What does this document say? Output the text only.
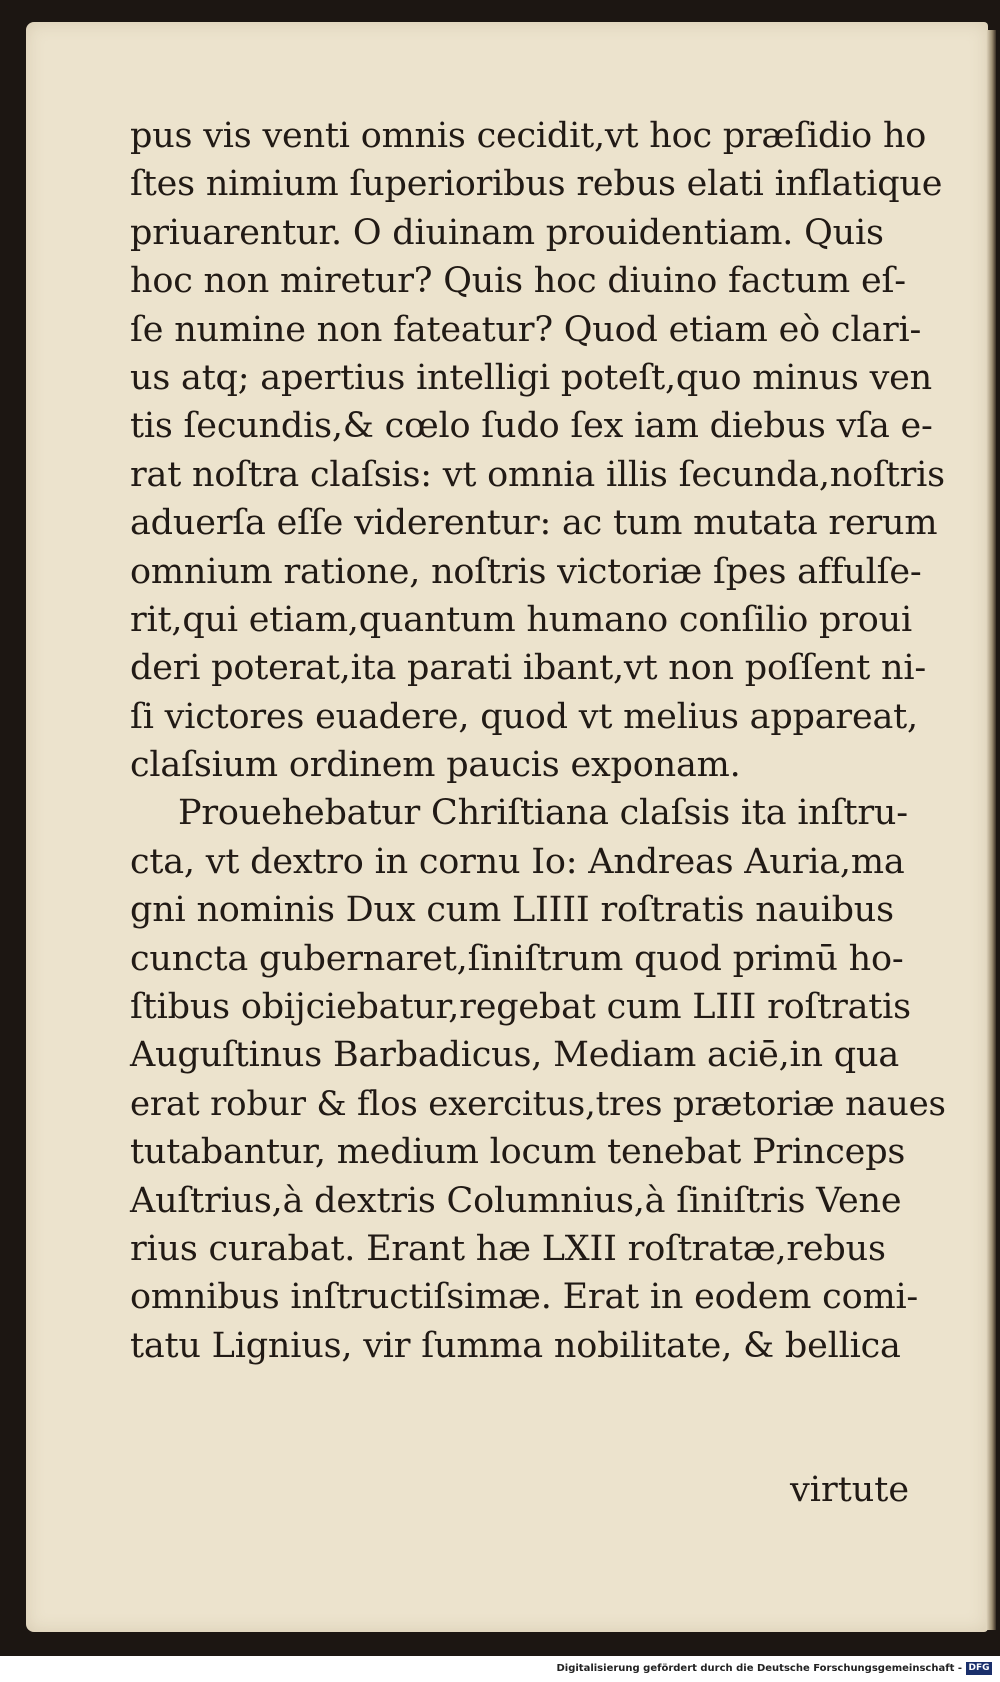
pus vis venti omnis cecidit,vt hoc præſidio ho
ſtes nimium ſuperioribus rebus elati inflatique
priuarentur. O diuinam prouidentiam. Quis
hoc non miretur? Quis hoc diuino factum eſ-
ſe numine non fateatur? Quod etiam eò clari-
us atq; apertius intelligi poteſt,quo minus ven
tis ſecundis,& cœlo ſudo ſex iam diebus vſa e-
rat noſtra claſsis: vt omnia illis ſecunda,noſtris
aduerſa eſſe viderentur: ac tum mutata rerum
omnium ratione, noſtris victoriæ ſpes affulſe-
rit,qui etiam,quantum humano conſilio proui
deri poterat,ita parati ibant,vt non poſſent ni-
ſi victores euadere, quod vt melius appareat,
claſsium ordinem paucis exponam.
Prouehebatur Chriſtiana claſsis ita inſtru-
cta, vt dextro in cornu Io: Andreas Auria,ma
gni nominis Dux cum LIIII roſtratis nauibus
cuncta gubernaret,ſiniſtrum quod primū ho-
ſtibus obijciebatur,regebat cum LIII roſtratis
Auguſtinus Barbadicus, Mediam aciē,in qua
erat robur & flos exercitus,tres prætoriæ naues
tutabantur, medium locum tenebat Princeps
Auſtrius,à dextris Columnius,à ſiniſtris Vene
rius curabat. Erant hæ LXII roſtratæ,rebus
omnibus inſtructiſsimæ. Erat in eodem comi-
tatu Lignius, vir ſumma nobilitate, & bellica
virtute
Digitalisierung gefördert durch die Deutsche Forschungsgemeinschaft - DFG
